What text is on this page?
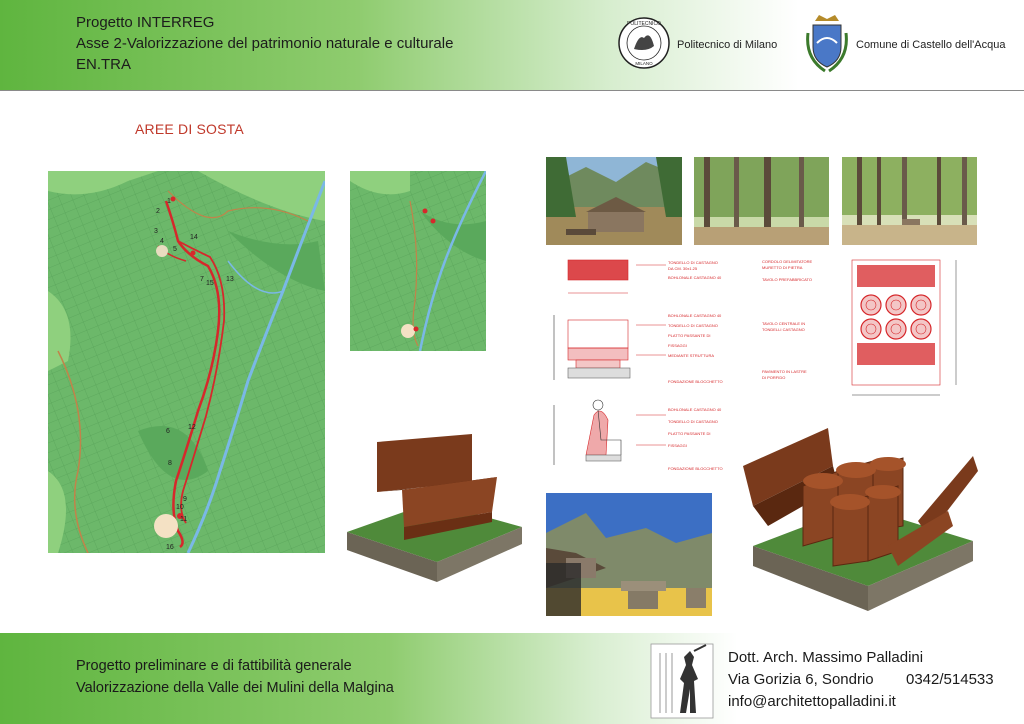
Progetto INTERREG
Asse 2-Valorizzazione del patrimonio naturale e culturale
EN.TRA
POLITECNICO
MILANO
Politecnico di Milano	Comune di Castello dell'Acqua
AREE DI SOSTA
1
2
3
4
5
6
7
8
9
10
11
12
13
14
15
16
TONDELLO DI CASTAGNO
DA CM. 30x1.25
BOHLONALE CASTAGNO 40
BOHLONALE CASTAGNO 40
TONDELLO DI CASTAGNO
PLATTO PASSANTE DI
FISSAGGI
MEDIANTE STRUTTURA
FONDAZIONE BLOCCHETTO
BOHLONALE CASTAGNO 40
TONDELLO DI CASTAGNO
PLATTO PASSANTE DI
FISSAGGI
FONDAZIONE BLOCCHETTO
CORDOLO DELIMITATORE
MURETTO DI PIETRA
TAVOLO PREFABBRICATO
TAVOLO CENTRALE IN
TONDELLI CASTAGNO
PAVIMENTO IN LASTRE
DI PORFIDO
Progetto preliminare e di fattibilità generale
Valorizzazione della Valle dei Mulini della Malgina
Dott. Arch. Massimo Palladini
Via Gorizia 6, Sondrio 0342/514533
info@architettopalladini.it
